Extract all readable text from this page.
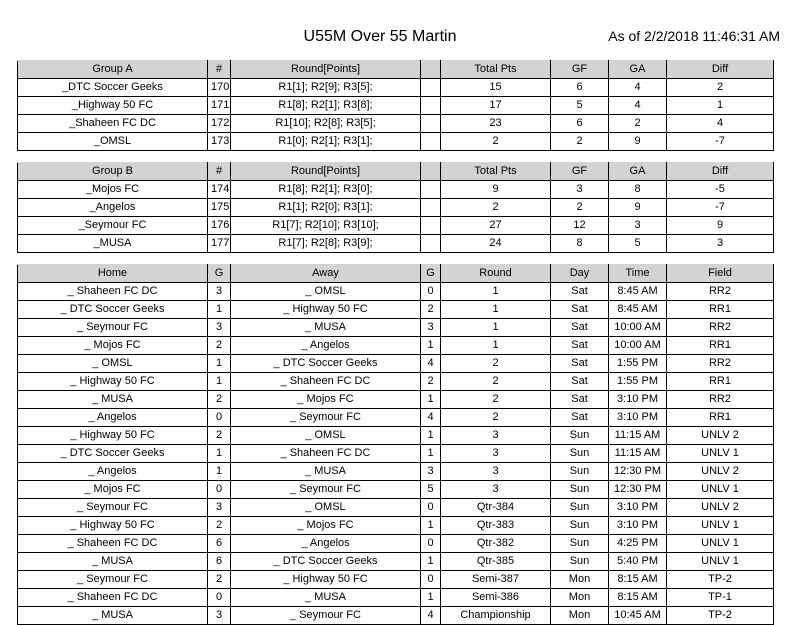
U55M Over 55 Martin	As of 2/2/2018 11:46:31 AM
Group A	#	Round[Points]		Total Pts	GF	GA	Diff
_DTC Soccer Geeks	170	R1[1]; R2[9]; R3[5];		15	6	4	2
_Highway 50 FC	171	R1[8]; R2[1]; R3[8];		17	5	4	1
_Shaheen FC DC	172	R1[10]; R2[8]; R3[5];		23	6	2	4
_OMSL	173	R1[0]; R2[1]; R3[1];		2	2	9	-7
Group B	#	Round[Points]		Total Pts	GF	GA	Diff
_Mojos FC	174	R1[8]; R2[1]; R3[0];		9	3	8	-5
_Angelos	175	R1[1]; R2[0]; R3[1];		2	2	9	-7
_Seymour FC	176	R1[7]; R2[10]; R3[10];		27	12	3	9
_MUSA	177	R1[7]; R2[8]; R3[9];		24	8	5	3
Home	G	Away	G	Round	Day	Time	Field
_ Shaheen FC DC	3	_ OMSL	0	1	Sat	8:45 AM	RR2
_ DTC Soccer Geeks	1	_ Highway 50 FC	2	1	Sat	8:45 AM	RR1
_ Seymour FC	3	_ MUSA	3	1	Sat	10:00 AM	RR2
_ Mojos FC	2	_ Angelos	1	1	Sat	10:00 AM	RR1
_ OMSL	1	_ DTC Soccer Geeks	4	2	Sat	1:55 PM	RR2
_ Highway 50 FC	1	_ Shaheen FC DC	2	2	Sat	1:55 PM	RR1
_ MUSA	2	_ Mojos FC	1	2	Sat	3:10 PM	RR2
_ Angelos	0	_ Seymour FC	4	2	Sat	3:10 PM	RR1
_ Highway 50 FC	2	_ OMSL	1	3	Sun	11:15 AM	UNLV 2
_ DTC Soccer Geeks	1	_ Shaheen FC DC	1	3	Sun	11:15 AM	UNLV 1
_ Angelos	1	_ MUSA	3	3	Sun	12:30 PM	UNLV 2
_ Mojos FC	0	_ Seymour FC	5	3	Sun	12:30 PM	UNLV 1
_ Seymour FC	3	_ OMSL	0	Qtr-384	Sun	3:10 PM	UNLV 2
_ Highway 50 FC	2	_ Mojos FC	1	Qtr-383	Sun	3:10 PM	UNLV 1
_ Shaheen FC DC	6	_ Angelos	0	Qtr-382	Sun	4:25 PM	UNLV 1
_ MUSA	6	_ DTC Soccer Geeks	1	Qtr-385	Sun	5:40 PM	UNLV 1
_ Seymour FC	2	_ Highway 50 FC	0	Semi-387	Mon	8:15 AM	TP-2
_ Shaheen FC DC	0	_ MUSA	1	Semi-386	Mon	8:15 AM	TP-1
_ MUSA	3	_ Seymour FC	4	Championship	Mon	10:45 AM	TP-2
